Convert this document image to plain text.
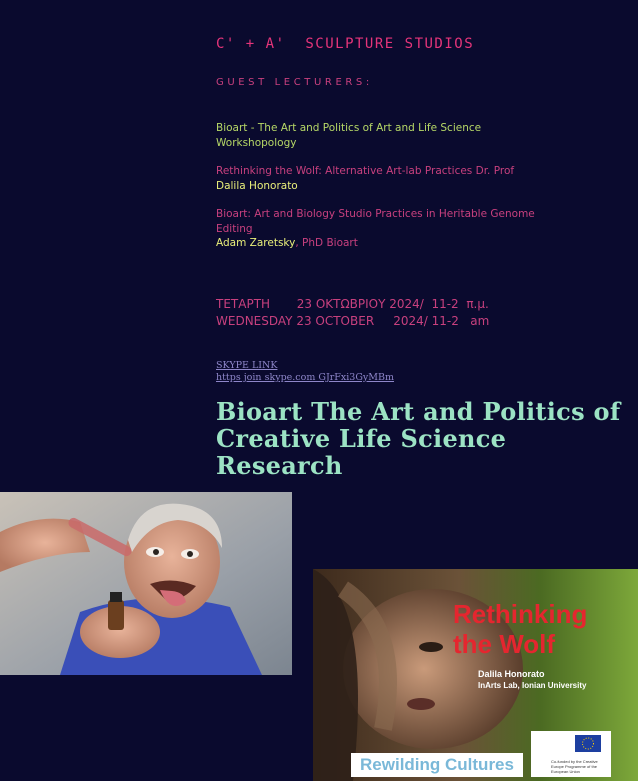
C' + A'  SCULPTURE STUDIOS
GUEST LECTURERS:
Bioart - The Art and Politics of Art and Life Science Workshopology
Rethinking the Wolf: Alternative Art-lab Practices Dr. Prof
Dalila Honorato
Bioart: Art and Biology Studio Practices in Heritable Genome Editing
Adam Zaretsky, PhD Bioart
ΤΕΤΑΡΤΗ       23 ΟΚΤΩΒΡΙΟΥ 2024/  11-2  π.μ.
WEDNESDAY 23 OCTOBER     2024/ 11-2   am
SKYPE LINK
https join skype.com GJrFxi3GyMBm
Bioart The Art and Politics of Creative Life Science Research
Rethinking
the Wolf
Dalila Honorato
InArts Lab, Ionian University
Rewilding Cultures	Co-funded by the Creative Europe Programme of the European Union
